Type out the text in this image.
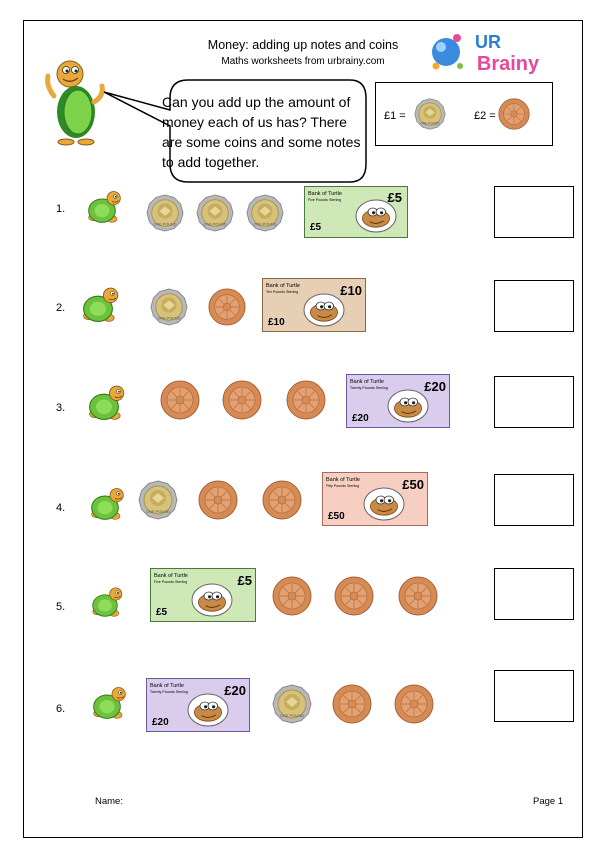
Money: adding up notes and coins
Maths worksheets from urbrainy.com
UR
Brainy
Can you add up the amount of money each of us has? There are some coins and some notes to add together.
£1 =	£2 =
1.
Bank of Turtle
Five Pounds Sterling	£5
£5
2.
Bank of Turtle
Ten Pounds Sterling	£10
£10
3.
Bank of Turtle
Twenty Pounds Sterling	£20
£20
4.
Bank of Turtle
Fifty Pounds Sterling	£50
£50
5.
Bank of Turtle
Five Pounds Sterling	£5
£5
6.
Bank of Turtle
Twenty Pounds Sterling	£20
£20
Name:	Page 1
